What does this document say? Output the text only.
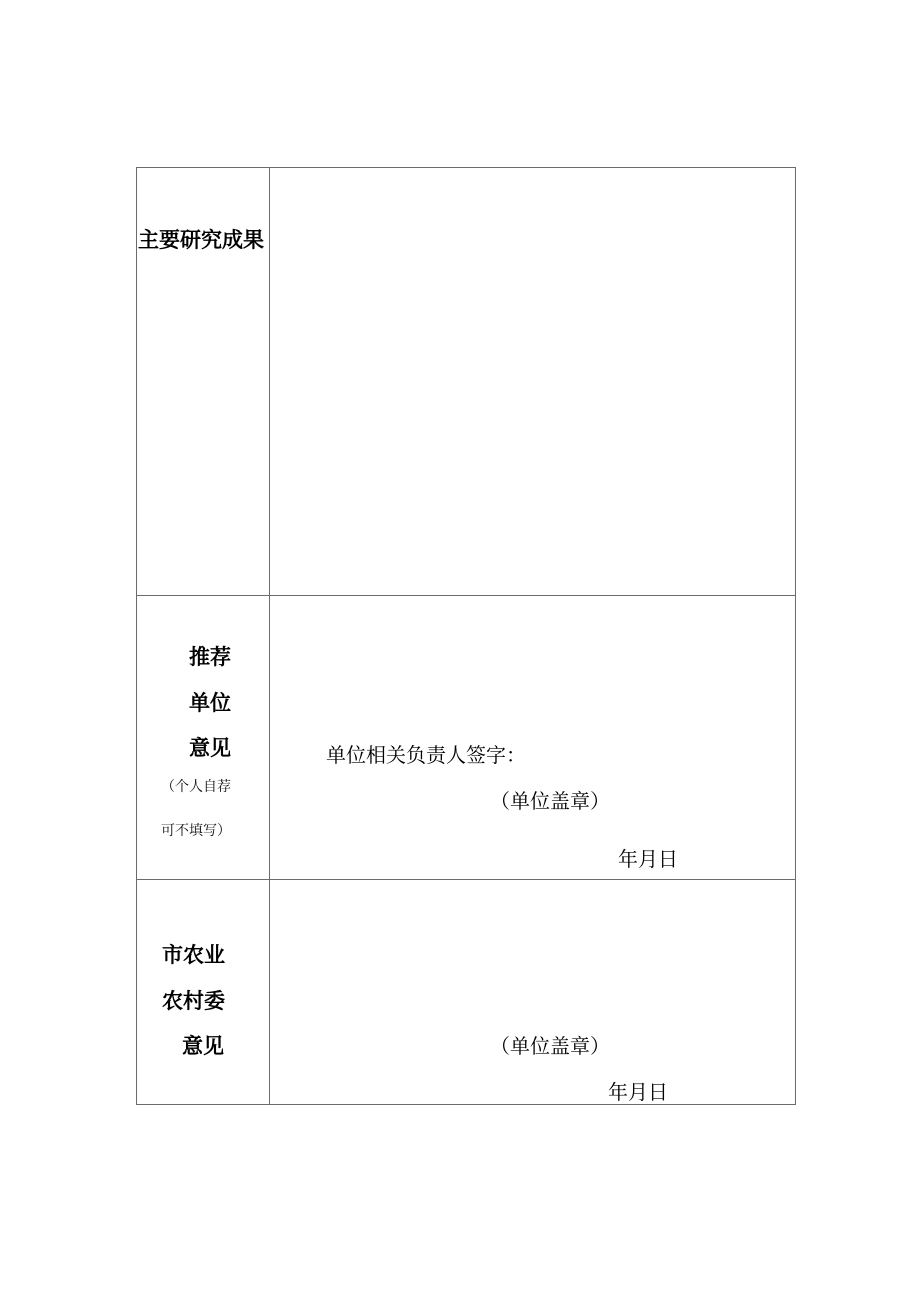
主要研究成果
推荐
单位
意见
（个人自荐
可不填写）
单位相关负责人签字：
（单位盖章）
年月日
市农业
农村委
意见	（单位盖章）
年月日
